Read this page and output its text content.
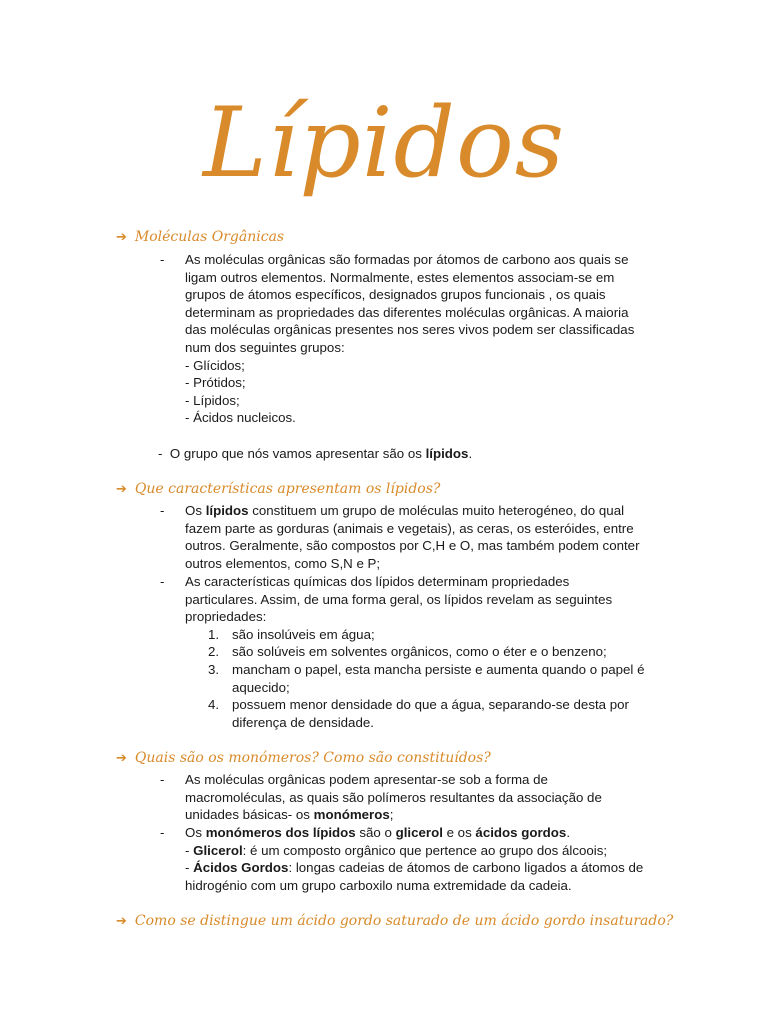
Lípidos
➔ Moléculas Orgânicas
- As moléculas orgânicas são formadas por átomos de carbono aos quais se
ligam outros elementos. Normalmente, estes elementos associam-se em
grupos de átomos específicos, designados grupos funcionais , os quais
determinam as propriedades das diferentes moléculas orgânicas. A maioria
das moléculas orgânicas presentes nos seres vivos podem ser classificadas
num dos seguintes grupos:
- Glícidos;
- Prótidos;
- Lípidos;
- Ácidos nucleicos.
- O grupo que nós vamos apresentar são os lípidos.
➔ Que características apresentam os lípidos?
- Os lípidos constituem um grupo de moléculas muito heterogéneo, do qual
fazem parte as gorduras (animais e vegetais), as ceras, os esteróides, entre
outros. Geralmente, são compostos por C,H e O, mas também podem conter
outros elementos, como S,N e P;
- As características químicas dos lípidos determinam propriedades
particulares. Assim, de uma forma geral, os lípidos revelam as seguintes
propriedades:
1. são insolúveis em água;
2. são solúveis em solventes orgânicos, como o éter e o benzeno;
3. mancham o papel, esta mancha persiste e aumenta quando o papel é
aquecido;
4. possuem menor densidade do que a água, separando-se desta por
diferença de densidade.
➔ Quais são os monómeros? Como são constituídos?
- As moléculas orgânicas podem apresentar-se sob a forma de
macromoléculas, as quais são polímeros resultantes da associação de
unidades básicas- os monómeros;
- Os monómeros dos lípidos são o glicerol e os ácidos gordos.
- Glicerol: é um composto orgânico que pertence ao grupo dos álcoois;
- Ácidos Gordos: longas cadeias de átomos de carbono ligados a átomos de
hidrogénio com um grupo carboxilo numa extremidade da cadeia.
➔ Como se distingue um ácido gordo saturado de um ácido gordo insaturado?
